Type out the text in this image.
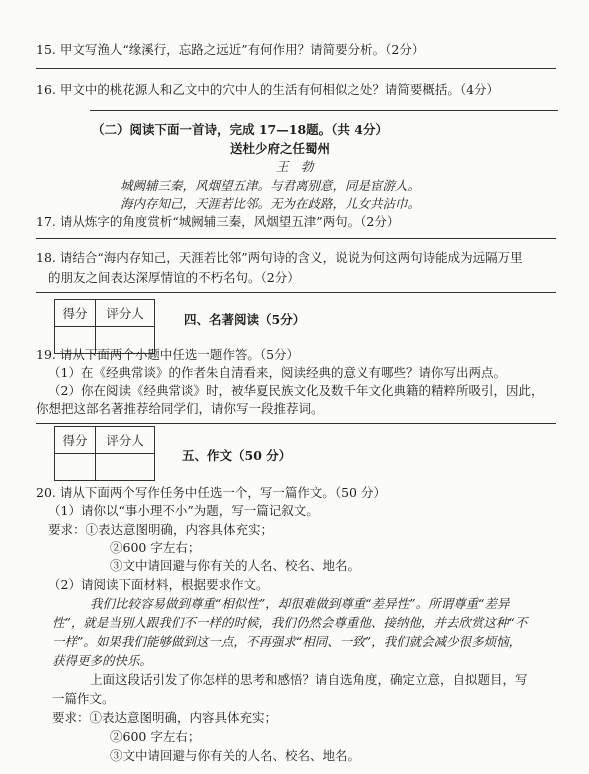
15. 甲文写渔人“缘溪行，忘路之远近”有何作用？请简要分析。（2分）
16. 甲文中的桃花源人和乙文中的穴中人的生活有何相似之处？请简要概括。（4分）
（二）阅读下面一首诗，完成 17—18题。（共 4分）
送杜少府之任蜀州
王　勃
城阙辅三秦，风烟望五津。与君离别意，同是宦游人。
海内存知己，天涯若比邻。无为在歧路，儿女共沾巾。
17. 请从炼字的角度赏析“城阙辅三秦，风烟望五津”两句。（2分）
18. 请结合“海内存知己，天涯若比邻”两句诗的含义，说说为何这两句诗能成为远隔万里
的朋友之间表达深厚情谊的不朽名句。（2分）
得分	评分人
		四、名著阅读（5分）
19. 请从下面两个小题中任选一题作答。（5分）
（1）在《经典常谈》的作者朱自清看来，阅读经典的意义有哪些？请你写出两点。
（2）你在阅读《经典常谈》时，被华夏民族文化及数千年文化典籍的精粹所吸引，因此，
你想把这部名著推荐给同学们，请你写一段推荐词。
得分	评分人

五、作文（50 分）
20. 请从下面两个写作任务中任选一个，写一篇作文。（50 分）
（1）请你以“事小理不小”为题，写一篇记叙文。
要求：①表达意图明确，内容具体充实；
②600 字左右；
③文中请回避与你有关的人名、校名、地名。
（2）请阅读下面材料，根据要求作文。
我们比较容易做到尊重“相似性”，却很难做到尊重“差异性”。所谓尊重“差异
性”，就是当别人跟我们不一样的时候，我们仍然会尊重他、接纳他，并去欣赏这种“不
一样”。如果我们能够做到这一点，不再强求“相同、一致”，我们就会减少很多烦恼，
获得更多的快乐。
上面这段话引发了你怎样的思考和感悟？请自选角度，确定立意，自拟题目，写
一篇作文。
要求：①表达意图明确，内容具体充实；
②600 字左右；
③文中请回避与你有关的人名、校名、地名。
